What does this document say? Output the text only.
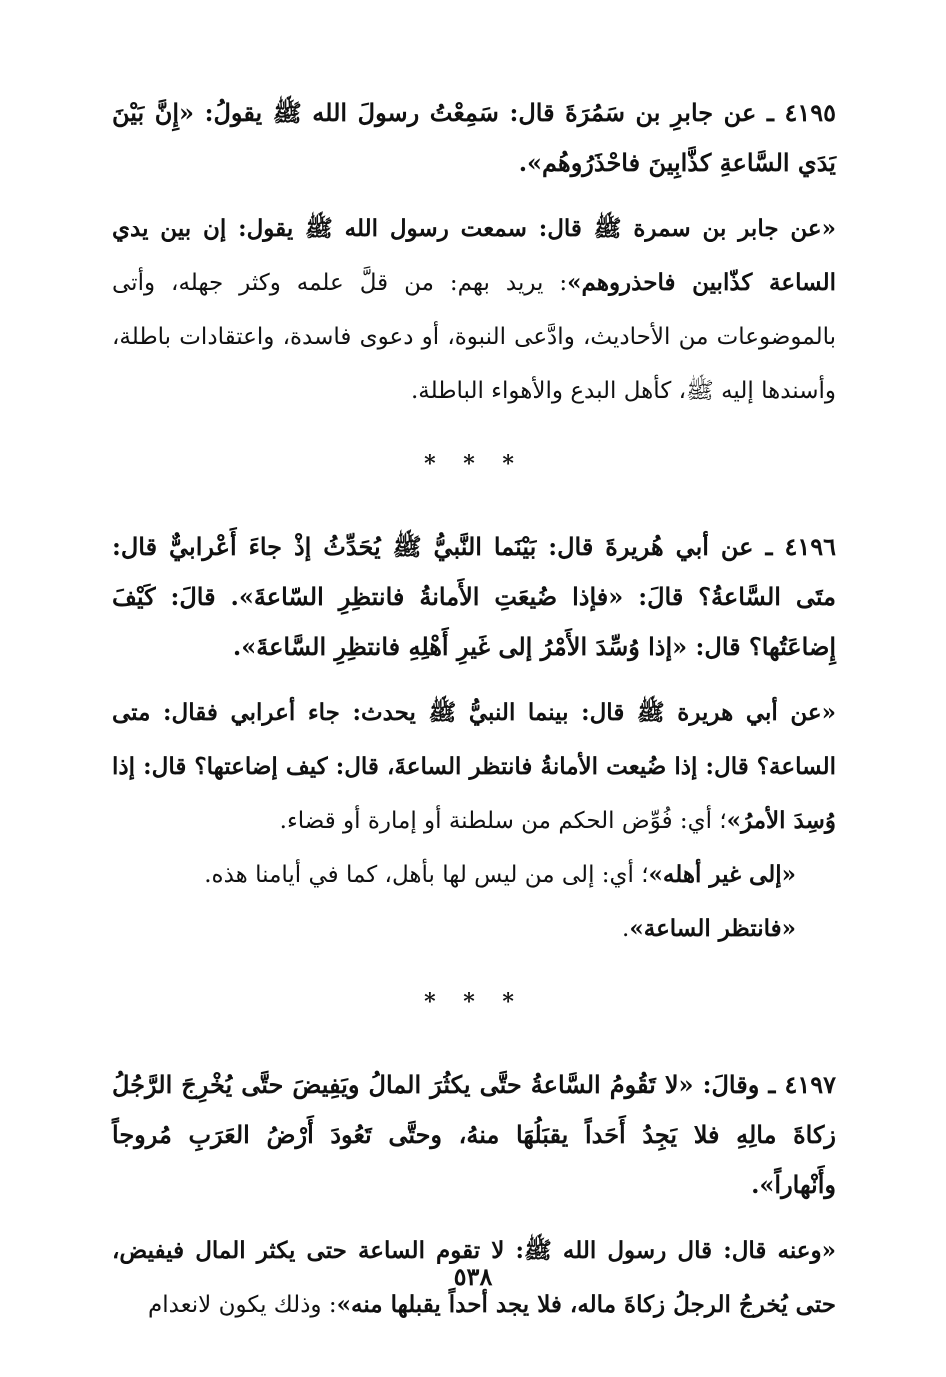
٤١٩٥ ـ عن جابرِ بن سَمُرَةَ قال: سَمِعْتُ رسولَ الله ﷺ يقولُ: «إِنَّ بَيْنَ يَدَي السَّاعةِ كذَّابِينَ فاحْذَرُوهُم».

«عن جابر بن سمرة ﷺ قال: سمعت رسول الله ﷺ يقول: إن بين يدي الساعة كذّابين فاحذروهم»: يريد بهم: من قلَّ علمه وكثر جهله، وأتى بالموضوعات من الأحاديث، وادَّعى النبوة، أو دعوى فاسدة، واعتقادات باطلة، وأسندها إليه ﷺ، كأهل البدع والأهواء الباطلة.

* * *

٤١٩٦ ـ عن أبي هُريرةَ قال: بَيْنَما النَّبيُّ ﷺ يُحَدِّثُ إذْ جاءَ أَعْرابيٌّ قال: متَى السَّاعةُ؟ قالَ: «فإذا ضُيعَتِ الأَمانةُ فانتظِرِ السّاعةَ». قالَ: كَيْفَ إِضاعَتُها؟ قال: «إذا وُسِّدَ الأَمْرُ إلى غَيرِ أَهْلِهِ فانتظِرِ السَّاعةَ».

«عن أبي هريرة ﷺ قال: بينما النبيُّ ﷺ يحدث: جاء أعرابي فقال: متى الساعة؟ قال: إذا ضُيعت الأمانةُ فانتظر الساعةَ، قال: كيف إضاعتها؟ قال: إذا وُسِدَ الأمرُ»؛ أي: فُوِّض الحكم من سلطنة أو إمارة أو قضاء.

«إلى غير أهله»؛ أي: إلى من ليس لها بأهل، كما في أيامنا هذه.

«فانتظر الساعة».

* * *

٤١٩٧ ـ وقالَ: «لا تَقُومُ السَّاعةُ حتَّى يكثُرَ المالُ ويَفِيضَ حتَّى يُخْرِجَ الرَّجُلُ زكاةَ مالِهِ فلا يَجِدُ أَحَداً يقبَلُهَا منهُ، وحتَّى تَعُودَ أَرْضُ العَرَبِ مُروجاً وأَنْهاراً».

«وعنه قال: قال رسول الله ﷺ: لا تقوم الساعة حتى يكثر المال فيفيض، حتى يُخرجُ الرجلُ زكاةَ ماله، فلا يجد أحداً يقبلها منه»: وذلك يكون لانعدام

٥٣٨
